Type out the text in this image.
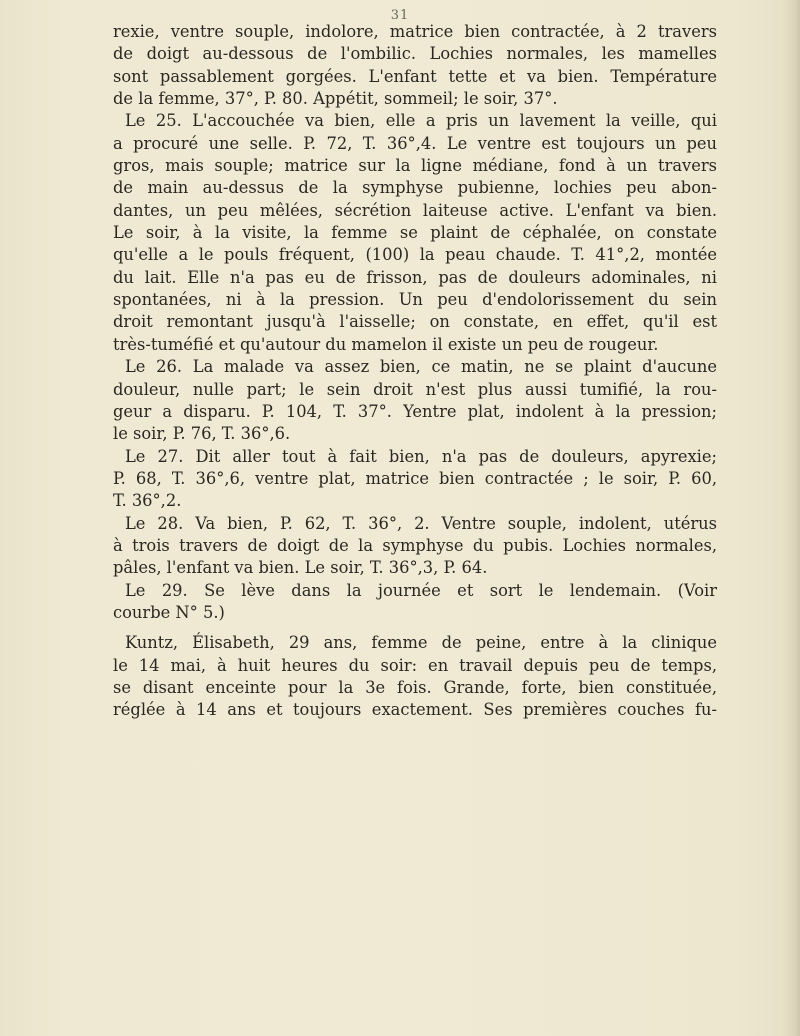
31
rexie, ventre souple, indolore, matrice bien contractée, à 2 travers
de doigt au-dessous de l'ombilic. Lochies normales, les mamelles
sont passablement gorgées. L'enfant tette et va bien. Température
de la femme, 37°, P. 80. Appétit, sommeil; le soir, 37°.
Le 25. L'accouchée va bien, elle a pris un lavement la veille, qui
a procuré une selle. P. 72, T. 36°,4. Le ventre est toujours un peu
gros, mais souple; matrice sur la ligne médiane, fond à un travers
de main au-dessus de la symphyse pubienne, lochies peu abon-
dantes, un peu mêlées, sécrétion laiteuse active. L'enfant va bien.
Le soir, à la visite, la femme se plaint de céphalée, on constate
qu'elle a le pouls fréquent, (100) la peau chaude. T. 41°,2, montée
du lait. Elle n'a pas eu de frisson, pas de douleurs adominales, ni
spontanées, ni à la pression. Un peu d'endolorissement du sein
droit remontant jusqu'à l'aisselle; on constate, en effet, qu'il est
très-tuméfié et qu'autour du mamelon il existe un peu de rougeur.
Le 26. La malade va assez bien, ce matin, ne se plaint d'aucune
douleur, nulle part; le sein droit n'est plus aussi tumifié, la rou-
geur a disparu. P. 104, T. 37°. Yentre plat, indolent à la pression;
le soir, P. 76, T. 36°,6.
Le 27. Dit aller tout à fait bien, n'a pas de douleurs, apyrexie;
P. 68, T. 36°,6, ventre plat, matrice bien contractée ; le soir, P. 60,
T. 36°,2.
Le 28. Va bien, P. 62, T. 36°, 2. Ventre souple, indolent, utérus
à trois travers de doigt de la symphyse du pubis. Lochies normales,
pâles, l'enfant va bien. Le soir, T. 36°,3, P. 64.
Le 29. Se lève dans la journée et sort le lendemain. (Voir
courbe N° 5.)
Kuntz, Élisabeth, 29 ans, femme de peine, entre à la clinique
le 14 mai, à huit heures du soir: en travail depuis peu de temps,
se disant enceinte pour la 3e fois. Grande, forte, bien constituée,
réglée à 14 ans et toujours exactement. Ses premières couches fu-
